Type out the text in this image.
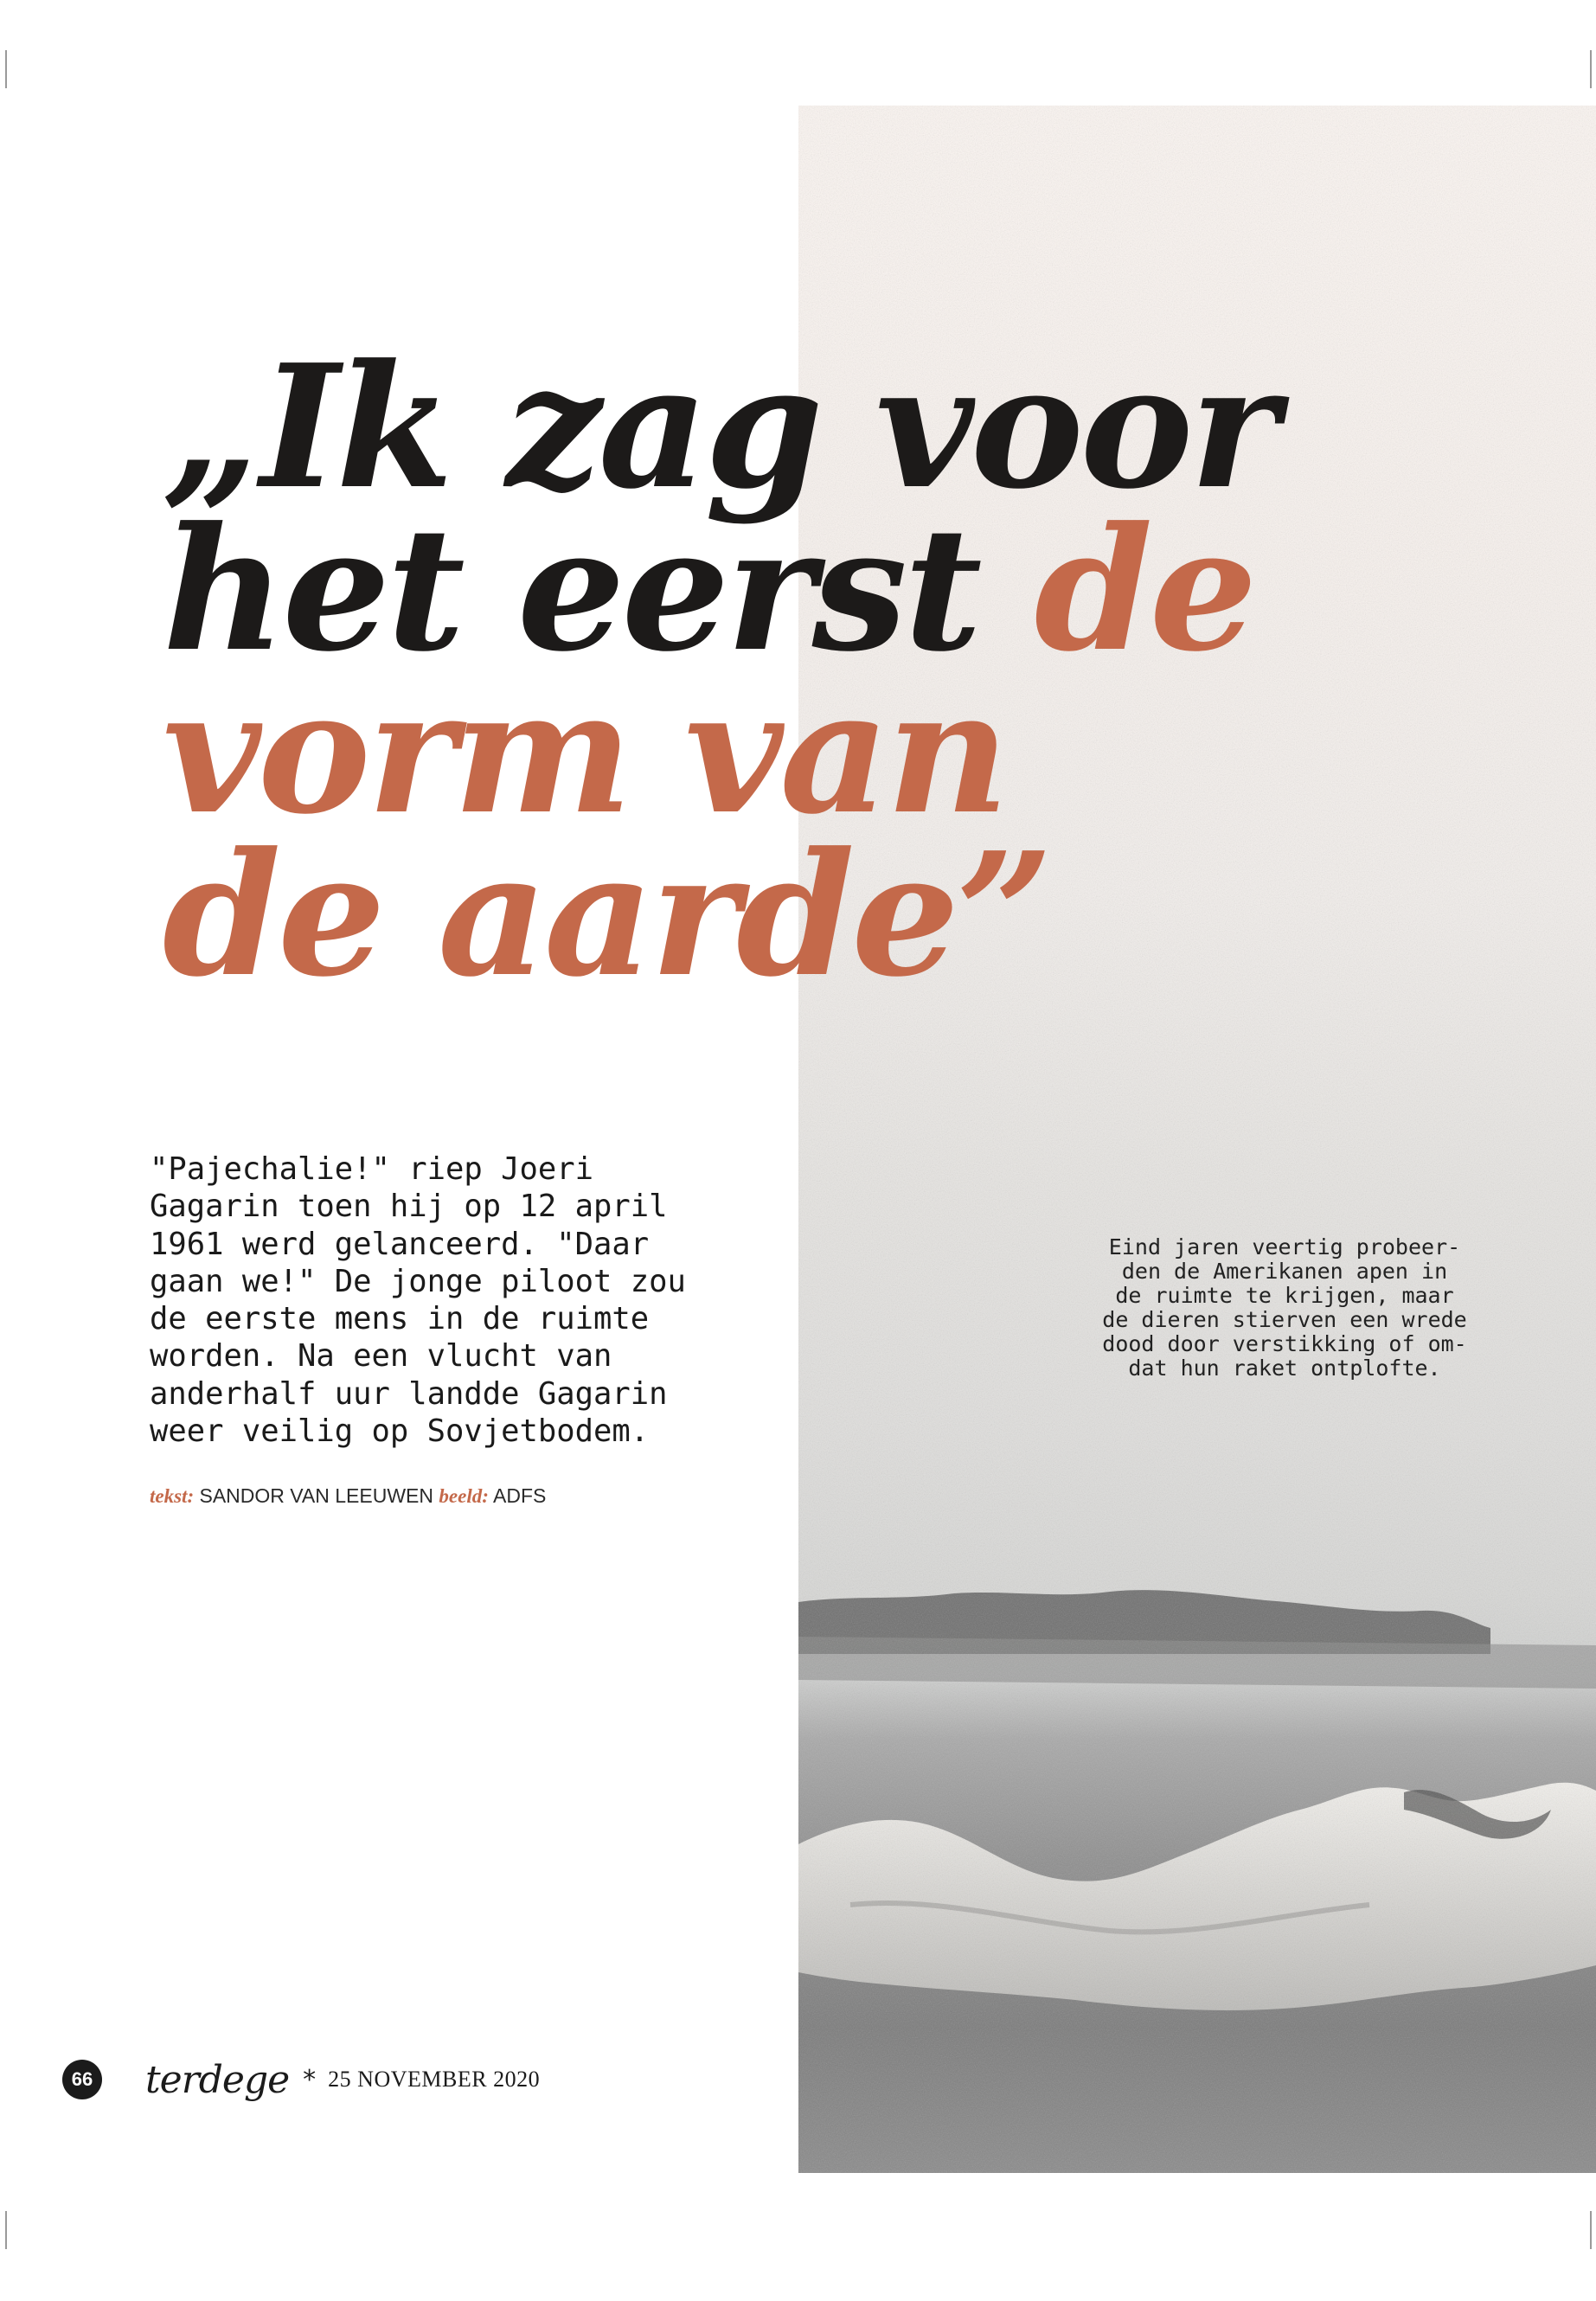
„Ik zag voor
het eerst de
vorm van
de aarde”

"Pajechalie!" riep Joeri
Gagarin toen hij op 12 april
1961 werd gelanceerd. "Daar
gaan we!" De jonge piloot zou
de eerste mens in de ruimte
worden. Na een vlucht van
anderhalf uur landde Gagarin
weer veilig op Sovjetbodem.

tekst: SANDOR VAN LEEUWEN beeld: ADFS

Eind jaren veertig probeer-
den de Amerikanen apen in
de ruimte te krijgen, maar
de dieren stierven een wrede
dood door verstikking of om-
dat hun raket ontplofte.

66 terdege * 25 NOVEMBER 2020
